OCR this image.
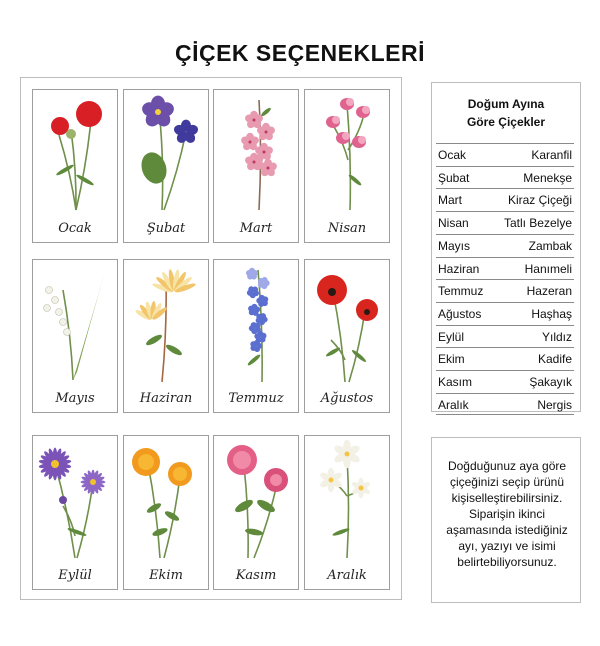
ÇİÇEK SEÇENEKLERİ
Ocak	Şubat	Mart	Nisan
Mayıs	Haziran	Temmuz	Ağustos
Eylül	Ekim	Kasım	Aralık
Doğum Ayına
Göre Çiçekler
Ocak	Karanfil
Şubat	Menekşe
Mart	Kiraz Çiçeği
Nisan	Tatlı Bezelye
Mayıs	Zambak
Haziran	Hanımeli
Temmuz	Hazeran
Ağustos	Haşhaş
Eylül	Yıldız
Ekim	Kadife
Kasım	Şakayık
Aralık	Nergis
Doğduğunuz aya göre
çiçeğinizi seçip ürünü
kişiselleştirebilirsiniz.
Siparişin ikinci
aşamasında istediğiniz
ayı, yazıyı ve isimi
belirtebiliyorsunuz.
